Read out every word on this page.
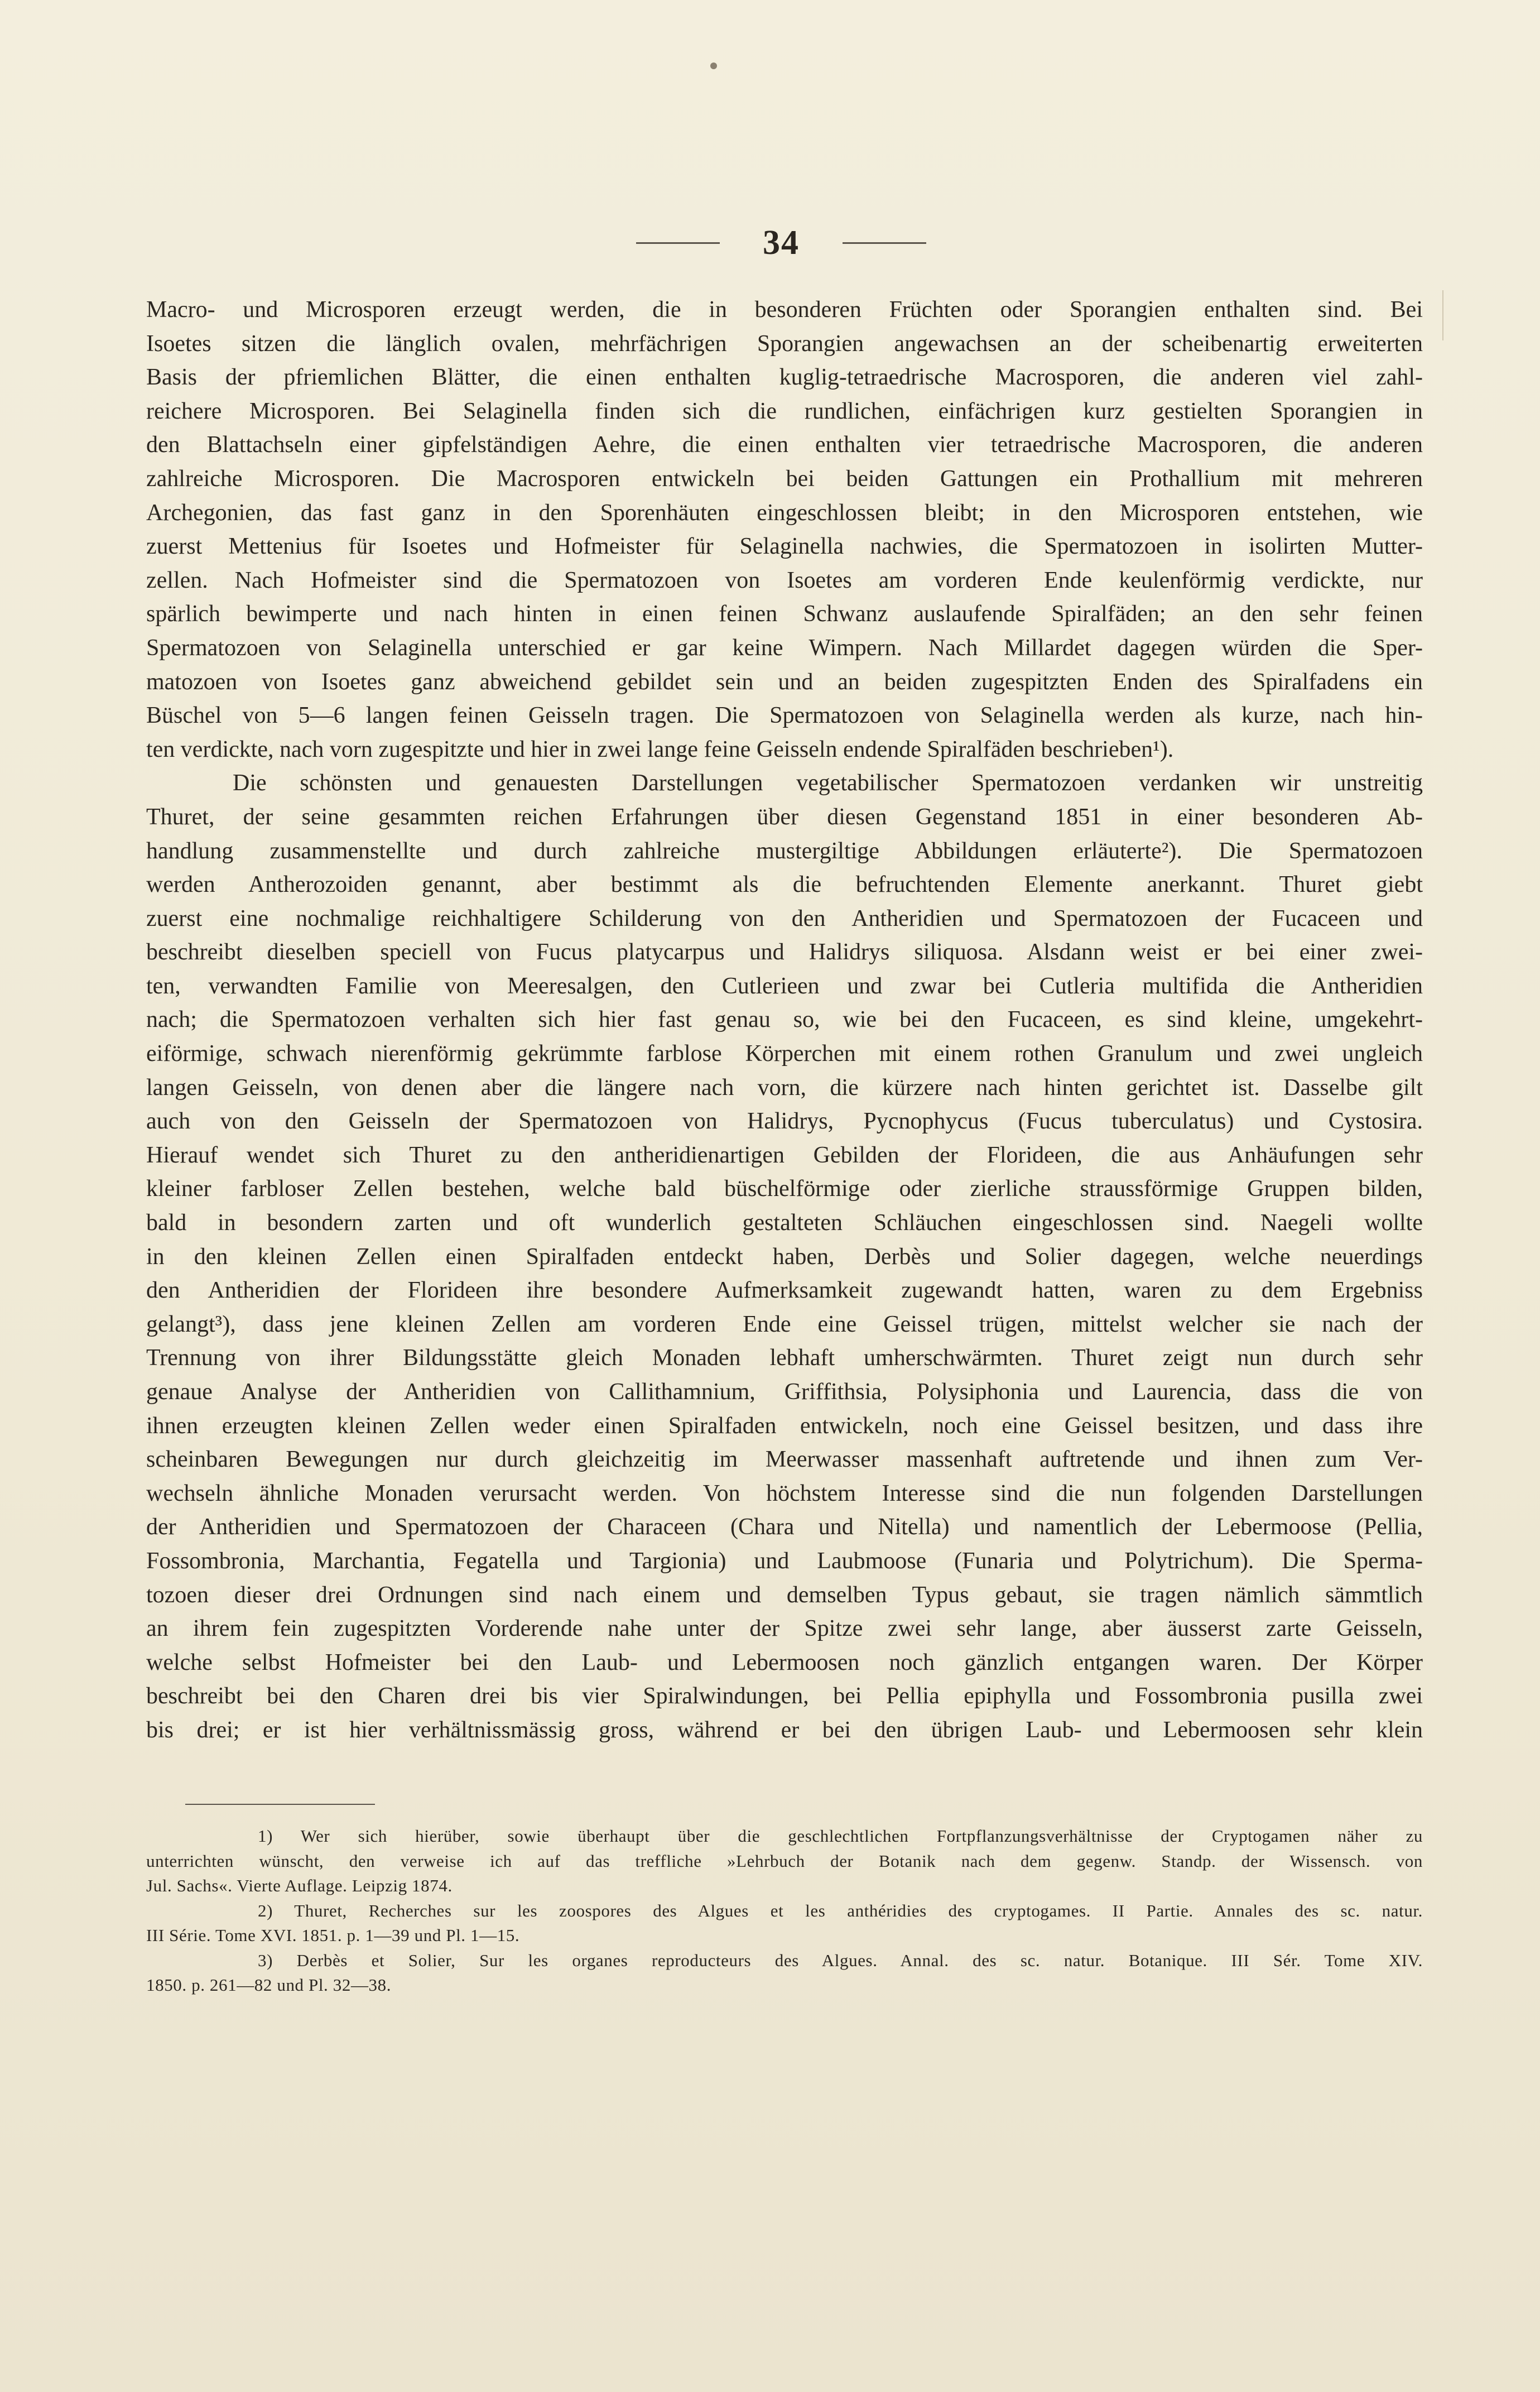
34

Macro- und Microsporen erzeugt werden, die in besonderen Früchten oder Sporangien enthalten sind. Bei
Isoetes sitzen die länglich ovalen, mehrfächrigen Sporangien angewachsen an der scheibenartig erweiterten
Basis der pfriemlichen Blätter, die einen enthalten kuglig-tetraedrische Macrosporen, die anderen viel zahl-
reichere Microsporen. Bei Selaginella finden sich die rundlichen, einfächrigen kurz gestielten Sporangien in
den Blattachseln einer gipfelständigen Aehre, die einen enthalten vier tetraedrische Macrosporen, die anderen
zahlreiche Microsporen. Die Macrosporen entwickeln bei beiden Gattungen ein Prothallium mit mehreren
Archegonien, das fast ganz in den Sporenhäuten eingeschlossen bleibt; in den Microsporen entstehen, wie
zuerst Mettenius für Isoetes und Hofmeister für Selaginella nachwies, die Spermatozoen in isolirten Mutter-
zellen. Nach Hofmeister sind die Spermatozoen von Isoetes am vorderen Ende keulenförmig verdickte, nur
spärlich bewimperte und nach hinten in einen feinen Schwanz auslaufende Spiralfäden; an den sehr feinen
Spermatozoen von Selaginella unterschied er gar keine Wimpern. Nach Millardet dagegen würden die Sper-
matozoen von Isoetes ganz abweichend gebildet sein und an beiden zugespitzten Enden des Spiralfadens ein
Büschel von 5—6 langen feinen Geisseln tragen. Die Spermatozoen von Selaginella werden als kurze, nach hin-
ten verdickte, nach vorn zugespitzte und hier in zwei lange feine Geisseln endende Spiralfäden beschrieben¹).

Die schönsten und genauesten Darstellungen vegetabilischer Spermatozoen verdanken wir unstreitig
Thuret, der seine gesammten reichen Erfahrungen über diesen Gegenstand 1851 in einer besonderen Ab-
handlung zusammenstellte und durch zahlreiche mustergiltige Abbildungen erläuterte²). Die Spermatozoen
werden Antherozoiden genannt, aber bestimmt als die befruchtenden Elemente anerkannt. Thuret giebt
zuerst eine nochmalige reichhaltigere Schilderung von den Antheridien und Spermatozoen der Fucaceen und
beschreibt dieselben speciell von Fucus platycarpus und Halidrys siliquosa. Alsdann weist er bei einer zwei-
ten, verwandten Familie von Meeresalgen, den Cutlerieen und zwar bei Cutleria multifida die Antheridien
nach; die Spermatozoen verhalten sich hier fast genau so, wie bei den Fucaceen, es sind kleine, umgekehrt-
eiförmige, schwach nierenförmig gekrümmte farblose Körperchen mit einem rothen Granulum und zwei ungleich
langen Geisseln, von denen aber die längere nach vorn, die kürzere nach hinten gerichtet ist. Dasselbe gilt
auch von den Geisseln der Spermatozoen von Halidrys, Pycnophycus (Fucus tuberculatus) und Cystosira.
Hierauf wendet sich Thuret zu den antheridienartigen Gebilden der Florideen, die aus Anhäufungen sehr
kleiner farbloser Zellen bestehen, welche bald büschelförmige oder zierliche straussförmige Gruppen bilden,
bald in besondern zarten und oft wunderlich gestalteten Schläuchen eingeschlossen sind. Naegeli wollte
in den kleinen Zellen einen Spiralfaden entdeckt haben, Derbès und Solier dagegen, welche neuerdings
den Antheridien der Florideen ihre besondere Aufmerksamkeit zugewandt hatten, waren zu dem Ergebniss
gelangt³), dass jene kleinen Zellen am vorderen Ende eine Geissel trügen, mittelst welcher sie nach der
Trennung von ihrer Bildungsstätte gleich Monaden lebhaft umherschwärmten. Thuret zeigt nun durch sehr
genaue Analyse der Antheridien von Callithamnium, Griffithsia, Polysiphonia und Laurencia, dass die von
ihnen erzeugten kleinen Zellen weder einen Spiralfaden entwickeln, noch eine Geissel besitzen, und dass ihre
scheinbaren Bewegungen nur durch gleichzeitig im Meerwasser massenhaft auftretende und ihnen zum Ver-
wechseln ähnliche Monaden verursacht werden. Von höchstem Interesse sind die nun folgenden Darstellungen
der Antheridien und Spermatozoen der Characeen (Chara und Nitella) und namentlich der Lebermoose (Pellia,
Fossombronia, Marchantia, Fegatella und Targionia) und Laubmoose (Funaria und Polytrichum). Die Sperma-
tozoen dieser drei Ordnungen sind nach einem und demselben Typus gebaut, sie tragen nämlich sämmtlich
an ihrem fein zugespitzten Vorderende nahe unter der Spitze zwei sehr lange, aber äusserst zarte Geisseln,
welche selbst Hofmeister bei den Laub- und Lebermoosen noch gänzlich entgangen waren. Der Körper
beschreibt bei den Charen drei bis vier Spiralwindungen, bei Pellia epiphylla und Fossombronia pusilla zwei
bis drei; er ist hier verhältnissmässig gross, während er bei den übrigen Laub- und Lebermoosen sehr klein

1) Wer sich hierüber, sowie überhaupt über die geschlechtlichen Fortpflanzungsverhältnisse der Cryptogamen näher zu
unterrichten wünscht, den verweise ich auf das treffliche »Lehrbuch der Botanik nach dem gegenw. Standp. der Wissensch. von
Jul. Sachs«. Vierte Auflage. Leipzig 1874.

2) Thuret, Recherches sur les zoospores des Algues et les anthéridies des cryptogames. II Partie. Annales des sc. natur.
III Série. Tome XVI. 1851. p. 1—39 und Pl. 1—15.

3) Derbès et Solier, Sur les organes reproducteurs des Algues. Annal. des sc. natur. Botanique. III Sér. Tome XIV.
1850. p. 261—82 und Pl. 32—38.
